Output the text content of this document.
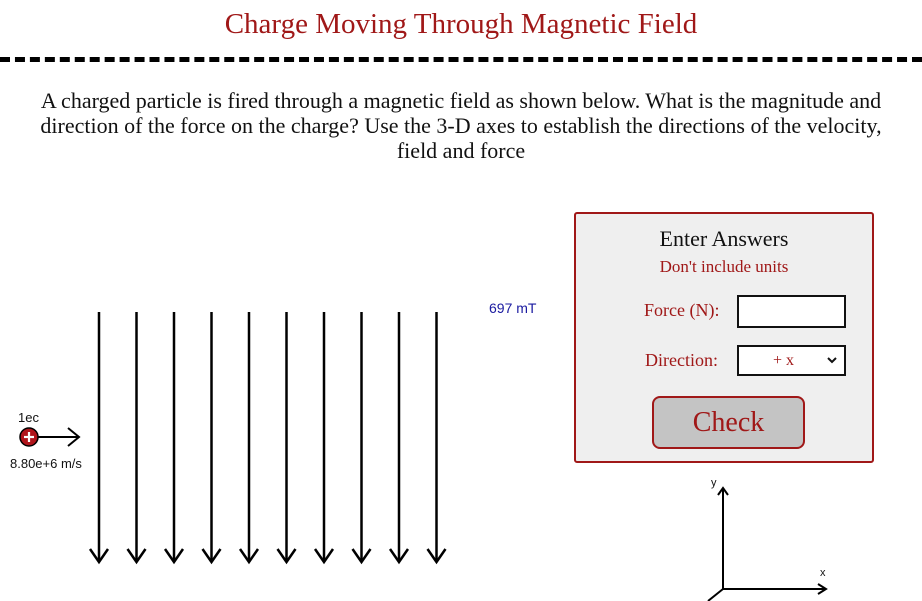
Charge Moving Through Magnetic Field
A charged particle is fired through a magnetic field as shown below. What is the magnitude and direction of the force on the charge? Use the 3-D axes to establish the directions of the velocity, field and force
697 mT
1ec
8.80e+6 m/s
y
x
Enter Answers
Don't include units
Force (N):
Direction:	+ x
Check
